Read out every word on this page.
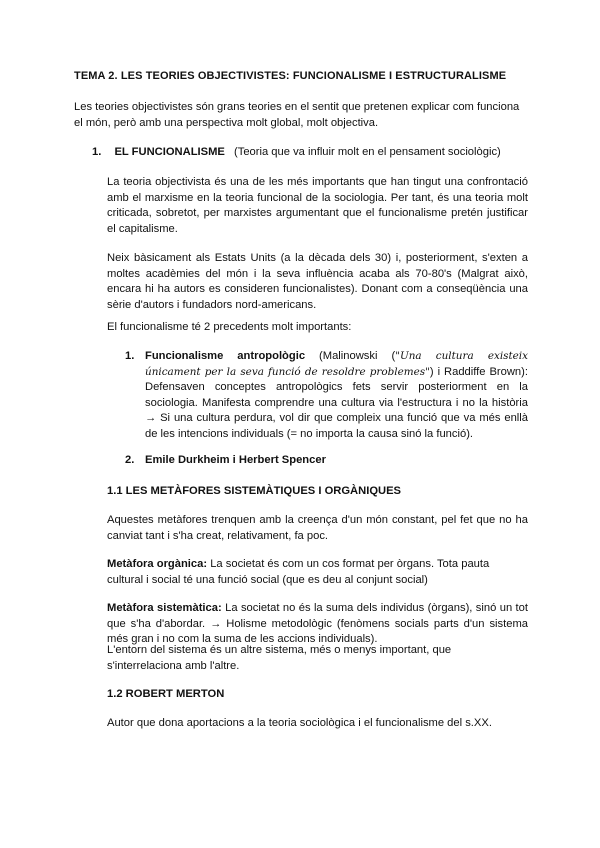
TEMA 2. LES TEORIES OBJECTIVISTES: FUNCIONALISME I ESTRUCTURALISME

Les teories objectivistes són grans teories en el sentit que pretenen explicar com funciona el món, però amb una perspectiva molt global, molt objectiva.

1. EL FUNCIONALISME (Teoria que va influir molt en el pensament sociològic)

La teoria objectivista és una de les més importants que han tingut una confrontació amb el marxisme en la teoria funcional de la sociologia. Per tant, és una teoria molt criticada, sobretot, per marxistes argumentant que el funcionalisme pretén justificar el capitalisme.

Neix bàsicament als Estats Units (a la dècada dels 30) i, posteriorment, s'exten a moltes acadèmies del món i la seva influència acaba als 70-80's (Malgrat això, encara hi ha autors es consideren funcionalistes). Donant com a conseqüència una sèrie d'autors i fundadors nord-americans.

El funcionalisme té 2 precedents molt importants:

1. Funcionalisme antropològic (Malinowski ("Una cultura existeix únicament per la seva funció de resoldre problemes") i Raddiffe Brown): Defensaven conceptes antropològics fets servir posteriorment en la sociologia. Manifesta comprendre una cultura via l'estructura i no la història → Si una cultura perdura, vol dir que compleix una funció que va més enllà de les intencions individuals (= no importa la causa sinó la funció).

2. Emile Durkheim i Herbert Spencer

1.1 LES METÀFORES SISTEMÀTIQUES I ORGÀNIQUES

Aquestes metàfores trenquen amb la creença d'un món constant, pel fet que no ha canviat tant i s'ha creat, relativament, fa poc.

Metàfora orgànica: La societat és com un cos format per òrgans. Tota pauta cultural i social té una funció social (que es deu al conjunt social)

Metàfora sistemàtica: La societat no és la suma dels individus (òrgans), sinó un tot que s'ha d'abordar. → Holisme metodològic (fenòmens socials parts d'un sistema més gran i no com la suma de les accions individuals).

L'entorn del sistema és un altre sistema, més o menys important, que s'interrelaciona amb l'altre.

1.2 ROBERT MERTON

Autor que dona aportacions a la teoria sociològica i el funcionalisme del s.XX.
